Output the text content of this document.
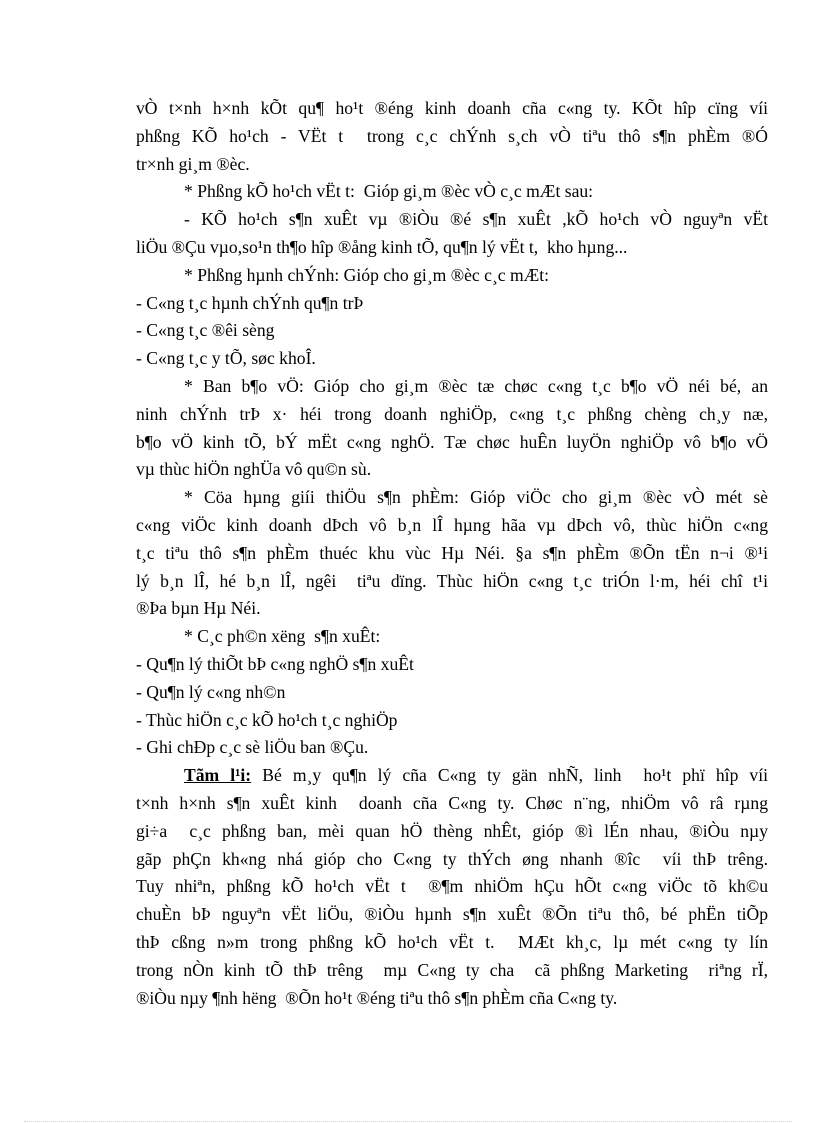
vÒ t×nh h×nh kÕt qu¶ ho¹t ®éng kinh doanh cña c«ng ty. KÕt hîp cïng víi
phßng KÕ ho¹ch - VËt t  trong c¸c chÝnh s¸ch vÒ tiªu thô s¶n phÈm ®Ó
tr×nh gi¸m ®èc.
* Phßng kÕ ho¹ch vËt t:  Gióp gi¸m ®èc vÒ c¸c mÆt sau:
- KÕ ho¹ch s¶n xuÊt vµ ®iÒu ®é s¶n xuÊt ,kÕ ho¹ch vÒ nguyªn vËt
liÖu ®Çu vµo,so¹n th¶o hîp ®ång kinh tÕ, qu¶n lý vËt t,  kho hµng...
* Phßng hµnh chÝnh: Gióp cho gi¸m ®èc c¸c mÆt:
- C«ng t¸c hµnh chÝnh qu¶n trÞ
- C«ng t¸c ®êi sèng
- C«ng t¸c y tÕ, søc khoÎ.
* Ban b¶o vÖ: Gióp cho gi¸m ®èc tæ chøc c«ng t¸c b¶o vÖ néi bé, an
ninh chÝnh trÞ x· héi trong doanh nghiÖp, c«ng t¸c phßng chèng ch¸y næ,
b¶o vÖ kinh tÕ, bÝ mËt c«ng nghÖ. Tæ chøc huÊn luyÖn nghiÖp vô b¶o vÖ
vµ thùc hiÖn nghÜa vô qu©n sù.
* Cöa hµng giíi thiÖu s¶n phÈm: Gióp viÖc cho gi¸m ®èc vÒ mét sè
c«ng viÖc kinh doanh dÞch vô b¸n lÎ hµng hãa vµ dÞch vô, thùc hiÖn c«ng
t¸c tiªu thô s¶n phÈm thuéc khu vùc Hµ Néi. §a s¶n phÈm ®Õn tËn n¬i ®¹i
lý b¸n lÎ, hé b¸n lÎ, ngêi  tiªu dïng. Thùc hiÖn c«ng t¸c triÓn l·m, héi chî t¹i
®Þa bµn Hµ Néi.
* C¸c ph©n xëng  s¶n xuÊt:
- Qu¶n lý thiÕt bÞ c«ng nghÖ s¶n xuÊt
- Qu¶n lý c«ng nh©n
- Thùc hiÖn c¸c kÕ ho¹ch t¸c nghiÖp
- Ghi chÐp c¸c sè liÖu ban ®Çu.
Tãm l¹i: Bé m¸y qu¶n lý cña C«ng ty gän nhÑ, linh  ho¹t phï hîp víi
t×nh h×nh s¶n xuÊt kinh  doanh cña C«ng ty. Chøc n¨ng, nhiÖm vô râ rµng
gi÷a  c¸c phßng ban, mèi quan hÖ thèng nhÊt, gióp ®ì lÉn nhau, ®iÒu nµy
gãp phÇn kh«ng nhá gióp cho C«ng ty thÝch øng nhanh ®îc  víi thÞ trêng.
Tuy nhiªn, phßng kÕ ho¹ch vËt t  ®¶m nhiÖm hÇu hÕt c«ng viÖc tõ kh©u
chuÈn bÞ nguyªn vËt liÖu, ®iÒu hµnh s¶n xuÊt ®Õn tiªu thô, bé phËn tiÕp
thÞ cßng n»m trong phßng kÕ ho¹ch vËt t.  MÆt kh¸c, lµ mét c«ng ty lín
trong nÒn kinh tÕ thÞ trêng  mµ C«ng ty cha  cã phßng Marketing  riªng rÏ,
®iÒu nµy ¶nh hëng  ®Õn ho¹t ®éng tiªu thô s¶n phÈm cña C«ng ty.
